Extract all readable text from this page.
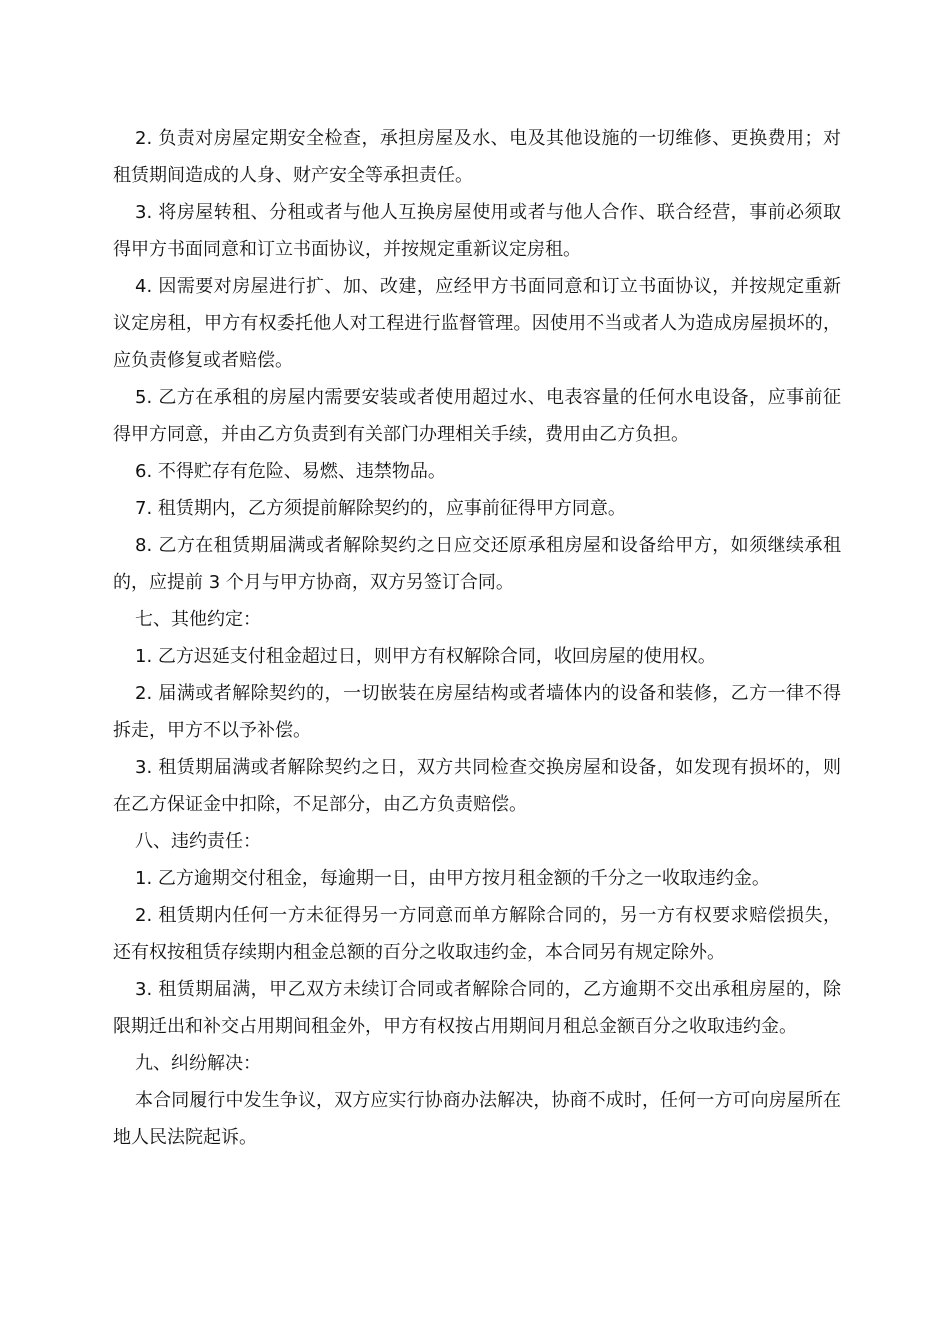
2. 负责对房屋定期安全检查，承担房屋及水、电及其他设施的一切维修、更换费用；对租赁期间造成的人身、财产安全等承担责任。

3. 将房屋转租、分租或者与他人互换房屋使用或者与他人合作、联合经营，事前必须取得甲方书面同意和订立书面协议，并按规定重新议定房租。

4. 因需要对房屋进行扩、加、改建，应经甲方书面同意和订立书面协议，并按规定重新议定房租，甲方有权委托他人对工程进行监督管理。因使用不当或者人为造成房屋损坏的，应负责修复或者赔偿。

5. 乙方在承租的房屋内需要安装或者使用超过水、电表容量的任何水电设备，应事前征得甲方同意，并由乙方负责到有关部门办理相关手续，费用由乙方负担。

6. 不得贮存有危险、易燃、违禁物品。

7. 租赁期内，乙方须提前解除契约的，应事前征得甲方同意。

8. 乙方在租赁期届满或者解除契约之日应交还原承租房屋和设备给甲方，如须继续承租的，应提前 3 个月与甲方协商，双方另签订合同。

七、其他约定：

1. 乙方迟延支付租金超过日，则甲方有权解除合同，收回房屋的使用权。

2. 届满或者解除契约的，一切嵌装在房屋结构或者墙体内的设备和装修，乙方一律不得拆走，甲方不以予补偿。

3. 租赁期届满或者解除契约之日，双方共同检查交换房屋和设备，如发现有损坏的，则在乙方保证金中扣除，不足部分，由乙方负责赔偿。

八、违约责任：

1. 乙方逾期交付租金，每逾期一日，由甲方按月租金额的千分之一收取违约金。

2. 租赁期内任何一方未征得另一方同意而单方解除合同的，另一方有权要求赔偿损失，还有权按租赁存续期内租金总额的百分之收取违约金，本合同另有规定除外。

3. 租赁期届满，甲乙双方未续订合同或者解除合同的，乙方逾期不交出承租房屋的，除限期迁出和补交占用期间租金外，甲方有权按占用期间月租总金额百分之收取违约金。

九、纠纷解决：

本合同履行中发生争议，双方应实行协商办法解决，协商不成时，任何一方可向房屋所在地人民法院起诉。
